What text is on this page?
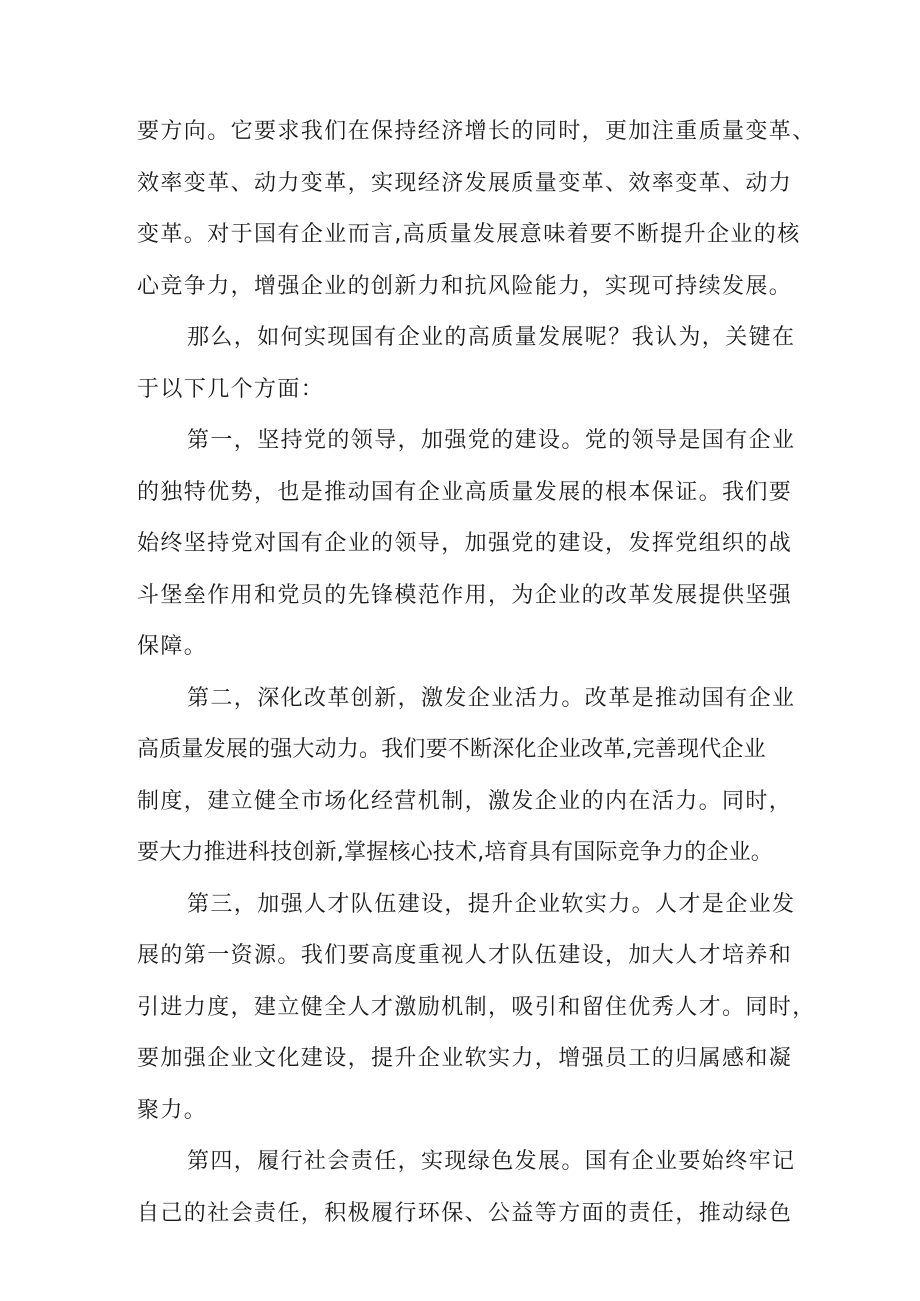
要方向。它要求我们在保持经济增长的同时，更加注重质量变革、
效率变革、动力变革，实现经济发展质量变革、效率变革、动力
变革。对于国有企业而言,高质量发展意味着要不断提升企业的核
心竞争力，增强企业的创新力和抗风险能力，实现可持续发展。
那么，如何实现国有企业的高质量发展呢？我认为，关键在
于以下几个方面：
第一，坚持党的领导，加强党的建设。党的领导是国有企业
的独特优势，也是推动国有企业高质量发展的根本保证。我们要
始终坚持党对国有企业的领导，加强党的建设，发挥党组织的战
斗堡垒作用和党员的先锋模范作用，为企业的改革发展提供坚强
保障。
第二，深化改革创新，激发企业活力。改革是推动国有企业
高质量发展的强大动力。我们要不断深化企业改革,完善现代企业
制度，建立健全市场化经营机制，激发企业的内在活力。同时，
要大力推进科技创新,掌握核心技术,培育具有国际竞争力的企业。
第三，加强人才队伍建设，提升企业软实力。人才是企业发
展的第一资源。我们要高度重视人才队伍建设，加大人才培养和
引进力度，建立健全人才激励机制，吸引和留住优秀人才。同时，
要加强企业文化建设，提升企业软实力，增强员工的归属感和凝
聚力。
第四，履行社会责任，实现绿色发展。国有企业要始终牢记
自己的社会责任，积极履行环保、公益等方面的责任，推动绿色
